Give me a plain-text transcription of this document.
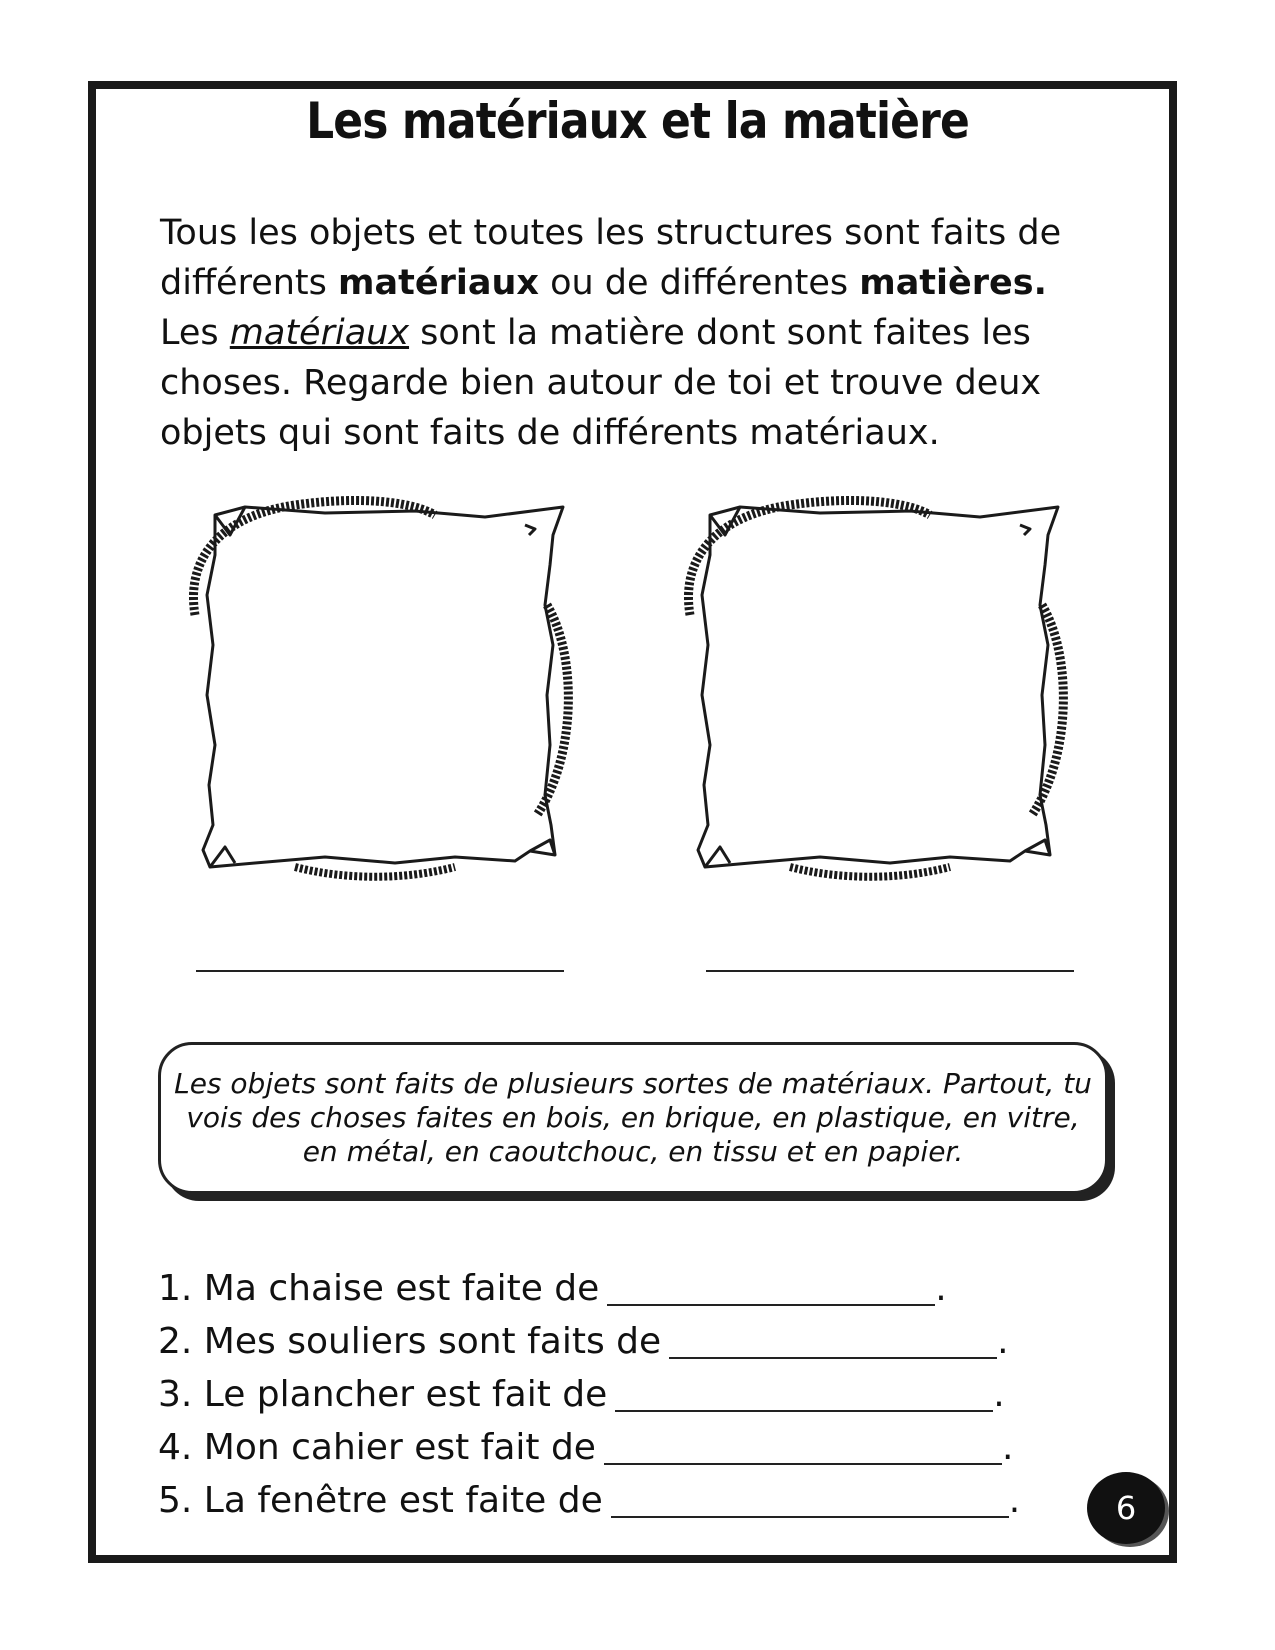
Les matériaux et la matière

Tous les objets et toutes les structures sont faits de différents matériaux ou de différentes matières.
Les matériaux sont la matière dont sont faites les choses. Regarde bien autour de toi et trouve deux objets qui sont faits de différents matériaux.

Les objets sont faits de plusieurs sortes de matériaux. Partout, tu vois des choses faites en bois, en brique, en plastique, en vitre, en métal, en caoutchouc, en tissu et en papier.
1. Ma chaise est faite de	.
2. Mes souliers sont faits de	.
3. Le plancher est fait de	.
4. Mon cahier est fait de	.
5. La fenêtre est faite de	.	6
